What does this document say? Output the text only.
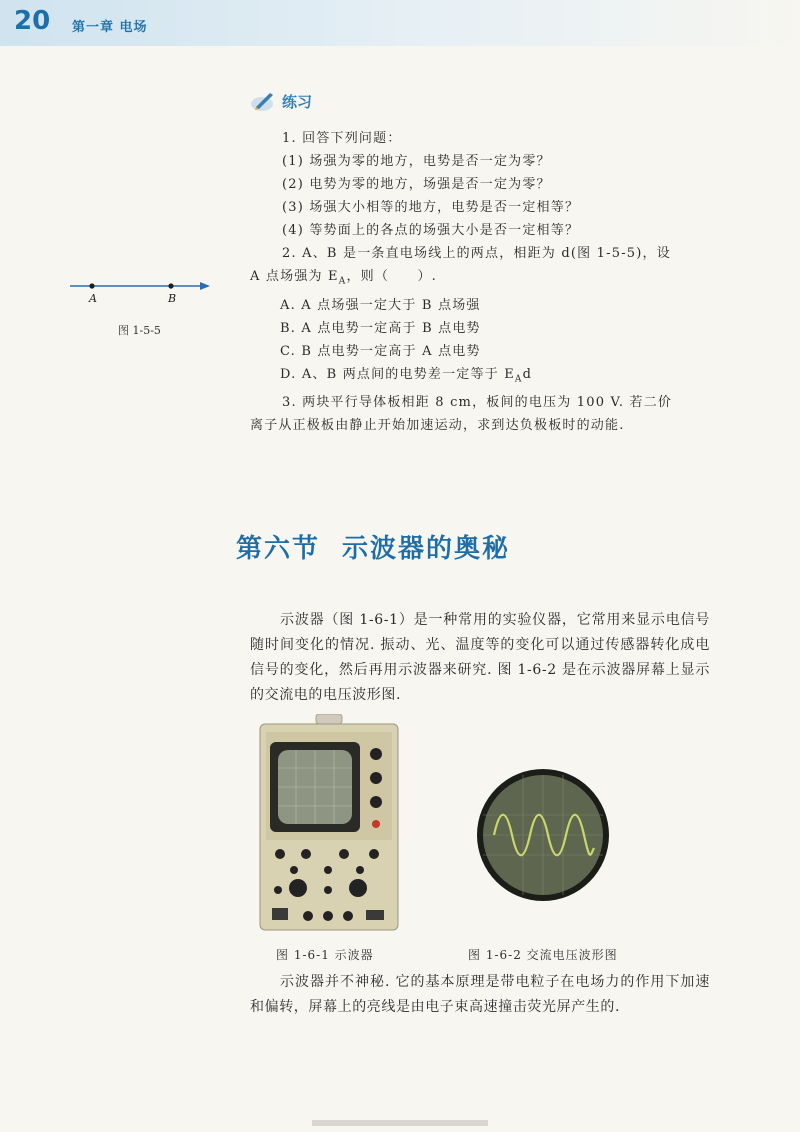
20 第一章 电场
练习
1. 回答下列问题：
(1) 场强为零的地方，电势是否一定为零？
(2) 电势为零的地方，场强是否一定为零？
(3) 场强大小相等的地方，电势是否一定相等？
(4) 等势面上的各点的场强大小是否一定相等？
2. A、B 是一条直电场线上的两点，相距为 d(图 1-5-5)，设
A 点场强为 $E_A$，则（　　）.
A. A 点场强一定大于 B 点场强
B. A 点电势一定高于 B 点电势
C. B 点电势一定高于 A 点电势
D. A、B 两点间的电势差一定等于 $E_Ad$
3. 两块平行导体板相距 8 cm，板间的电压为 100 V. 若二价
离子从正极板由静止开始加速运动，求到达负极板时的动能.
A	B
图 1-5-5
第六节 示波器的奥秘
示波器（图 1-6-1）是一种常用的实验仪器，它常用来显示电信号随时间变化的情况. 振动、光、温度等的变化可以通过传感器转化成电信号的变化，然后再用示波器来研究. 图 1-6-2 是在示波器屏幕上显示的交流电的电压波形图.
图 1-6-1 示波器	图 1-6-2 交流电压波形图
示波器并不神秘. 它的基本原理是带电粒子在电场力的作用下加速和偏转，屏幕上的亮线是由电子束高速撞击荧光屏产生的.
